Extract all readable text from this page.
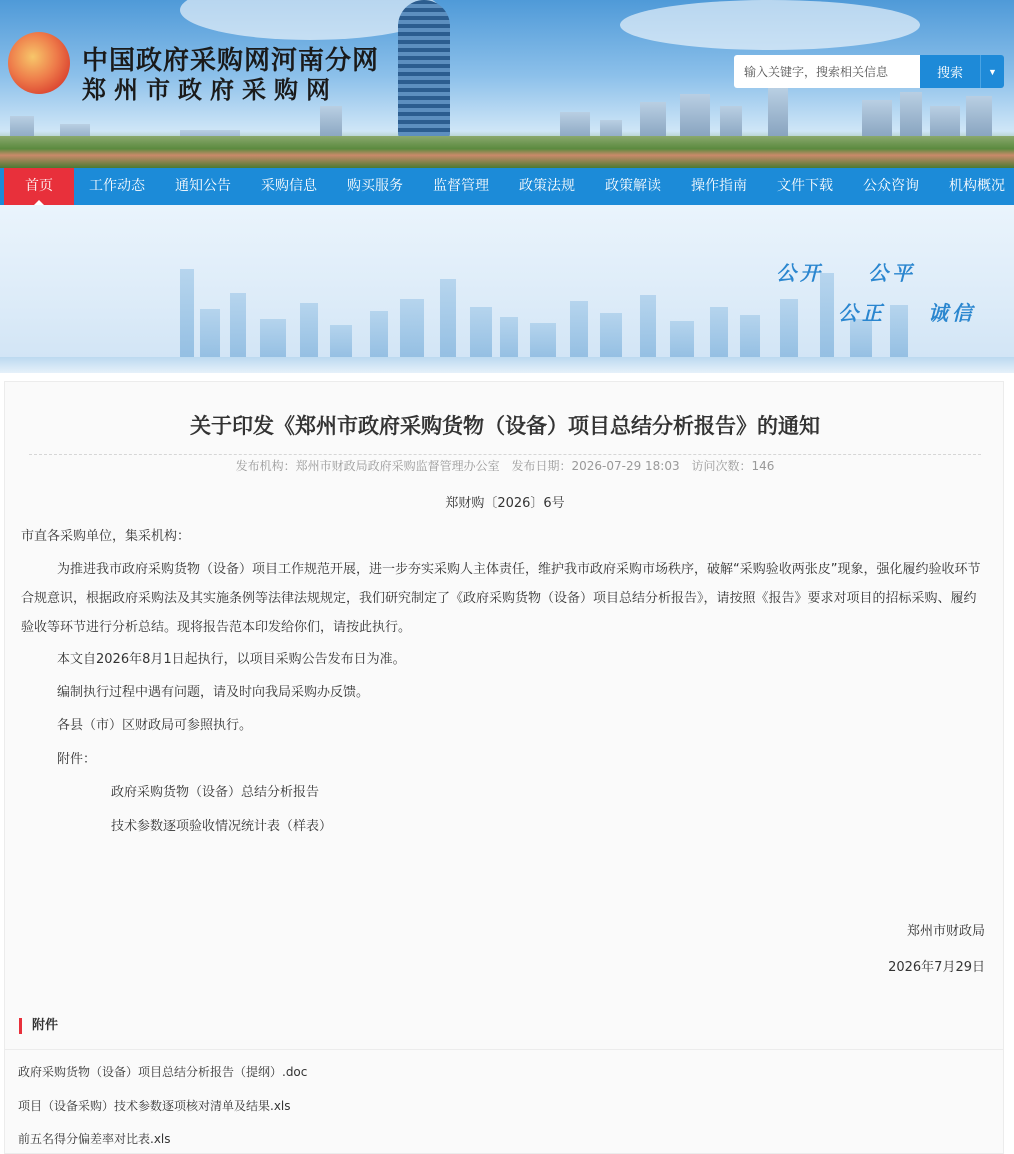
中国政府采购网河南分网
郑州市政府采购网
输入关键字，搜索相关信息
搜索	▼
首页	工作动态	通知公告	采购信息	购买服务	监督管理	政策法规	政策解读	操作指南	文件下载	公众咨询	机构概况
公开 公平
公正 诚信
关于印发《郑州市政府采购货物（设备）项目总结分析报告》的通知
发布机构：郑州市财政局政府采购监督管理办公室 发布日期：2026-07-29 18:03 访问次数：146
郑财购〔2026〕6号
市直各采购单位，集采机构：
为推进我市政府采购货物（设备）项目工作规范开展，进一步夯实采购人主体责任，维护我市政府采购市场秩序，破解“采购验收两张皮”现象，强化履约验收环节合规意识，根据政府采购法及其实施条例等法律法规规定，我们研究制定了《政府采购货物（设备）项目总结分析报告》，请按照《报告》要求对项目的招标采购、履约验收等环节进行分析总结。现将报告范本印发给你们，请按此执行。
本文自2026年8月1日起执行，以项目采购公告发布日为准。
编制执行过程中遇有问题，请及时向我局采购办反馈。
各县（市）区财政局可参照执行。
附件：
政府采购货物（设备）总结分析报告
技术参数逐项验收情况统计表（样表）
郑州市财政局
2026年7月29日
附件
政府采购货物（设备）项目总结分析报告（提纲）.doc
项目（设备采购）技术参数逐项核对清单及结果.xls
前五名得分偏差率对比表.xls
